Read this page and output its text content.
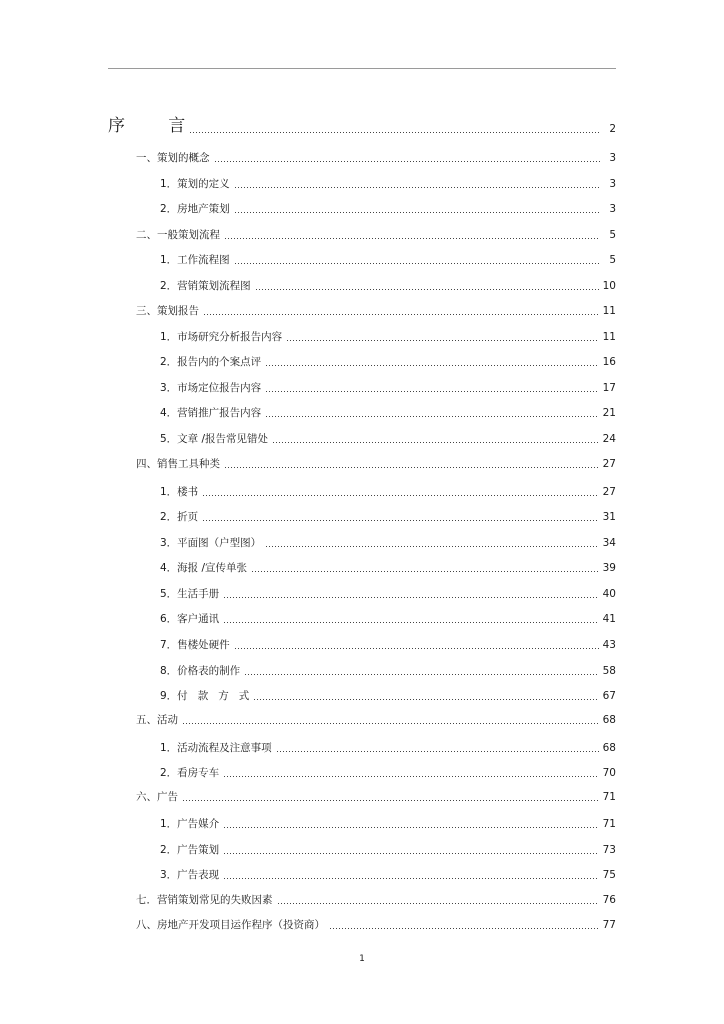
序        言	2
一、策划的概念	3
1．策划的定义	3
2．房地产策划	3
二、一般策划流程	5
1．工作流程图	5
2．营销策划流程图	10
三、策划报告	11
1．市场研究分析报告内容	11
2．报告内的个案点评	16
3．市场定位报告内容	17
4．营销推广报告内容	21
5．文章 /报告常见错处	24
四、销售工具种类	27
1．楼书	27
2．折页	31
3．平面图（户型图）	34
4．海报 /宣传单张	39
5．生活手册	40
6．客户通讯	41
7．售楼处硬件	43
8．价格表的制作	58
9．付   款   方   式	67
五、活动	68
1．活动流程及注意事项	68
2．看房专车	70
六、广告	71
1．广告媒介	71
2．广告策划	73
3．广告表现	75
七．营销策划常见的失败因素	76
八、房地产开发项目运作程序（投资商）	77
1
